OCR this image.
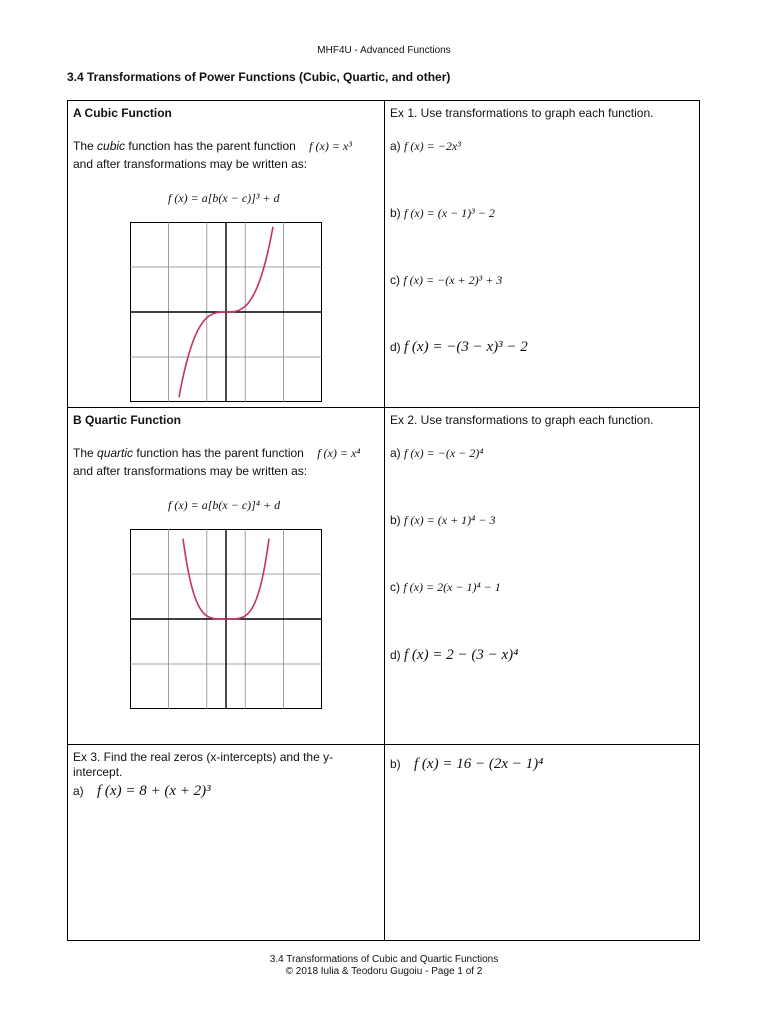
MHF4U - Advanced Functions
3.4 Transformations of Power Functions (Cubic, Quartic, and other)
A Cubic Function
The cubic function has the parent function f (x) = x³
and after transformations may be written as:
f (x) = a[b(x − c)]³ + d
Ex 1. Use transformations to graph each function.
a) f (x) = −2x³
b) f (x) = (x − 1)³ − 2
c) f (x) = −(x + 2)³ + 3
d) f (x) = −(3 − x)³ − 2
B Quartic Function
The quartic function has the parent function f (x) = x⁴
and after transformations may be written as:
f (x) = a[b(x − c)]⁴ + d
Ex 2. Use transformations to graph each function.
a) f (x) = −(x − 2)⁴
b) f (x) = (x + 1)⁴ − 3
c) f (x) = 2(x − 1)⁴ − 1
d) f (x) = 2 − (3 − x)⁴
Ex 3. Find the real zeros (x-intercepts) and the y-intercept.
a) f (x) = 8 + (x + 2)³
b) f (x) = 16 − (2x − 1)⁴
3.4 Transformations of Cubic and Quartic Functions
© 2018 Iulia & Teodoru Gugoiu - Page 1 of 2
